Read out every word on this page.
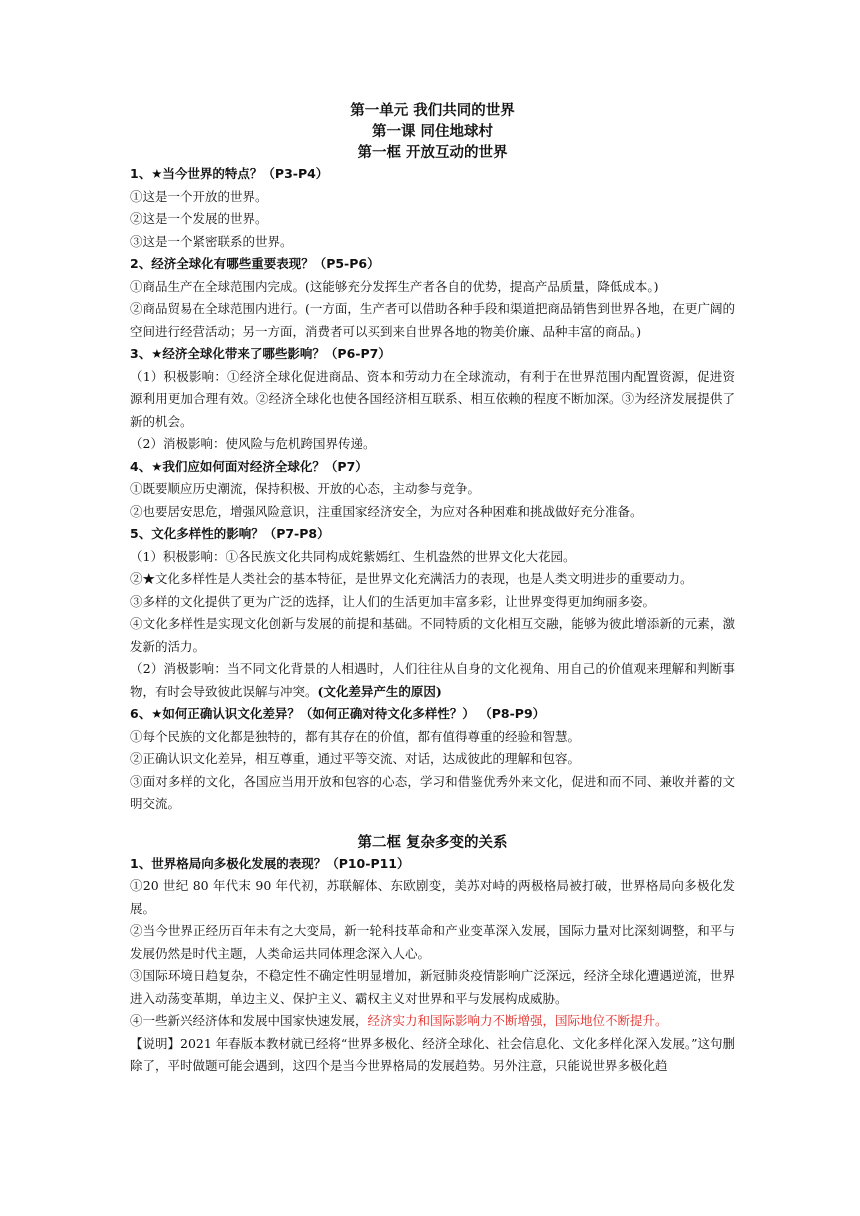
第一单元 我们共同的世界

第一课 同住地球村

第一框 开放互动的世界

1、★当今世界的特点？（P3-P4）

①这是一个开放的世界。

②这是一个发展的世界。

③这是一个紧密联系的世界。

2、经济全球化有哪些重要表现？（P5-P6）

①商品生产在全球范围内完成。(这能够充分发挥生产者各自的优势，提高产品质量，降低成本。)

②商品贸易在全球范围内进行。(一方面，生产者可以借助各种手段和渠道把商品销售到世界各地，在更广阔的空间进行经营活动；另一方面，消费者可以买到来自世界各地的物美价廉、品种丰富的商品。)

3、★经济全球化带来了哪些影响？（P6-P7）

（1）积极影响：①经济全球化促进商品、资本和劳动力在全球流动，有利于在世界范围内配置资源，促进资源利用更加合理有效。②经济全球化也使各国经济相互联系、相互依赖的程度不断加深。③为经济发展提供了新的机会。

（2）消极影响：使风险与危机跨国界传递。

4、★我们应如何面对经济全球化？（P7）

①既要顺应历史潮流，保持积极、开放的心态，主动参与竞争。

②也要居安思危，增强风险意识，注重国家经济安全，为应对各种困难和挑战做好充分准备。

5、文化多样性的影响？（P7-P8）

（1）积极影响：①各民族文化共同构成姹紫嫣红、生机盎然的世界文化大花园。

②★文化多样性是人类社会的基本特征，是世界文化充满活力的表现，也是人类文明进步的重要动力。

③多样的文化提供了更为广泛的选择，让人们的生活更加丰富多彩，让世界变得更加绚丽多姿。

④文化多样性是实现文化创新与发展的前提和基础。不同特质的文化相互交融，能够为彼此增添新的元素，激发新的活力。

（2）消极影响：当不同文化背景的人相遇时，人们往往从自身的文化视角、用自己的价值观来理解和判断事物，有时会导致彼此误解与冲突。(文化差异产生的原因)

6、★如何正确认识文化差异？（如何正确对待文化多样性？） （P8-P9）

①每个民族的文化都是独特的，都有其存在的价值，都有值得尊重的经验和智慧。

②正确认识文化差异，相互尊重，通过平等交流、对话，达成彼此的理解和包容。

③面对多样的文化，各国应当用开放和包容的心态，学习和借鉴优秀外来文化，促进和而不同、兼收并蓄的文明交流。

第二框 复杂多变的关系

1、世界格局向多极化发展的表现？（P10-P11）

①20 世纪 80 年代末 90 年代初，苏联解体、东欧剧变，美苏对峙的两极格局被打破，世界格局向多极化发展。

②当今世界正经历百年未有之大变局，新一轮科技革命和产业变革深入发展，国际力量对比深刻调整，和平与发展仍然是时代主题，人类命运共同体理念深入人心。

③国际环境日趋复杂，不稳定性不确定性明显增加，新冠肺炎疫情影响广泛深远，经济全球化遭遇逆流，世界进入动荡变革期，单边主义、保护主义、霸权主义对世界和平与发展构成威胁。

④一些新兴经济体和发展中国家快速发展，经济实力和国际影响力不断增强，国际地位不断提升。

【说明】2021 年春版本教材就已经将“世界多极化、经济全球化、社会信息化、文化多样化深入发展。”这句删除了，平时做题可能会遇到，这四个是当今世界格局的发展趋势。另外注意，只能说世界多极化趋
